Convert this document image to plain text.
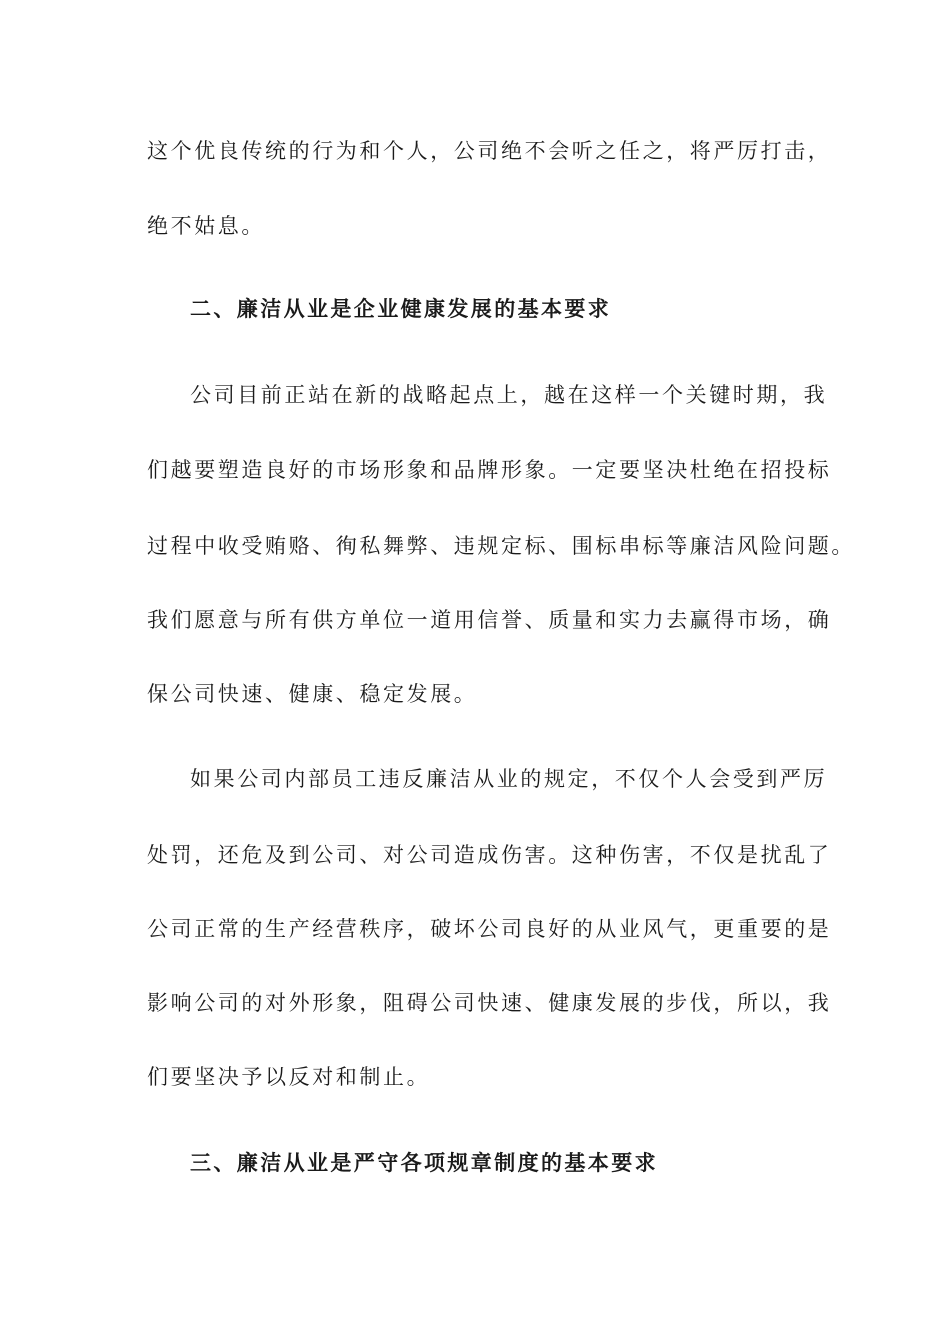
这个优良传统的行为和个人，公司绝不会听之任之，将严厉打击，
绝不姑息。
二、廉洁从业是企业健康发展的基本要求
公司目前正站在新的战略起点上，越在这样一个关键时期，我
们越要塑造良好的市场形象和品牌形象。一定要坚决杜绝在招投标
过程中收受贿赂、徇私舞弊、违规定标、围标串标等廉洁风险问题。
我们愿意与所有供方单位一道用信誉、质量和实力去赢得市场，确
保公司快速、健康、稳定发展。
如果公司内部员工违反廉洁从业的规定，不仅个人会受到严厉
处罚，还危及到公司、对公司造成伤害。这种伤害，不仅是扰乱了
公司正常的生产经营秩序，破坏公司良好的从业风气，更重要的是
影响公司的对外形象，阻碍公司快速、健康发展的步伐，所以，我
们要坚决予以反对和制止。
三、廉洁从业是严守各项规章制度的基本要求
